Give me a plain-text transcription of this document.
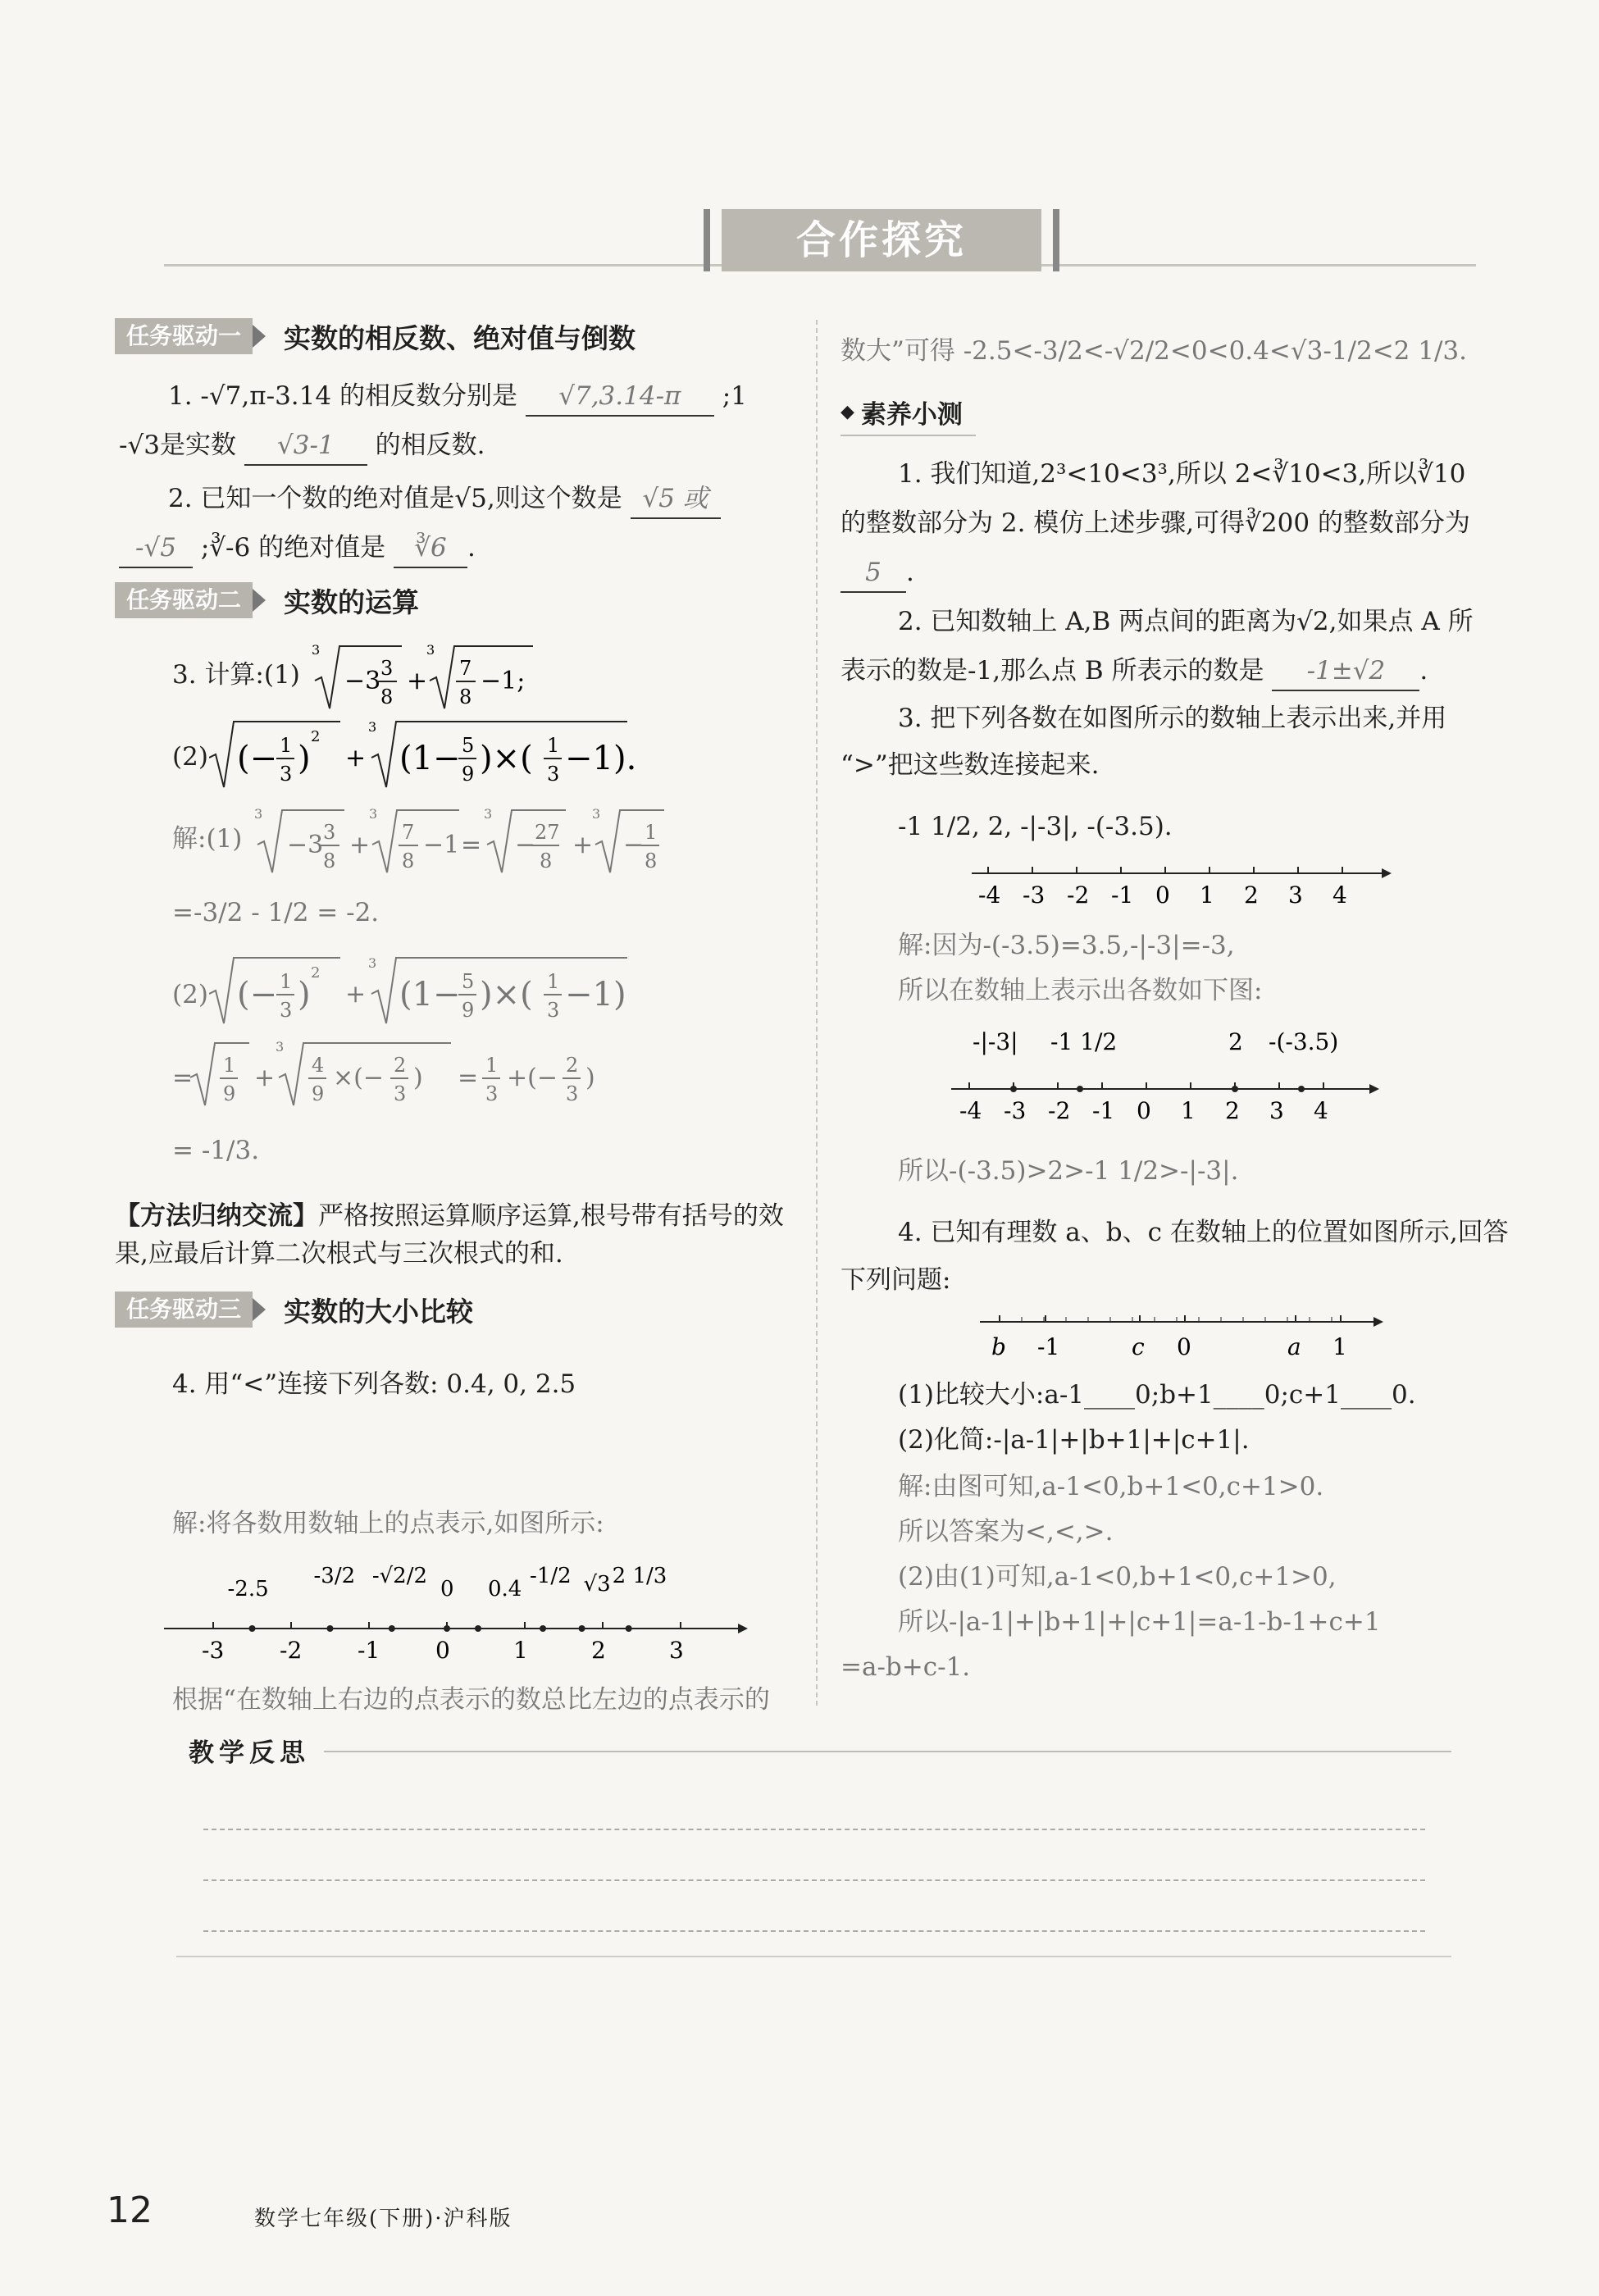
合作探究
任务驱动一	实数的相反数、绝对值与倒数
1. -√7,π-3.14 的相反数分别是 √7,3.14-π ;1
-√3是实数 √3-1 的相反数.
2. 已知一个数的绝对值是√5,则这个数是 √5 或
-√5 ;∛-6 的绝对值是 ∛6 .
任务驱动二	实数的运算
3. 计算:(1)
3
−3 3
8
+
3
7
8
−1;
(2) (− 1
3 )
2
+
3
(1− 5
9 )×( 1
3 −1).
解:(1)
3
−3 3
8
+
3
7
8
−1 =
3
−
27
8
+
3
− 1
8
=-3/2 - 1/2 = -2.
(2) (− 1
3 )
2
+
3
(1− 5
9 )×( 1
3 −1)
= 1
9
+
3
4
9
×(− 2
3
) = 1
3
+(− 2
3
)
= -1/3.
【方法归纳交流】严格按照运算顺序运算,根号带有括号的效果,应最后计算二次根式与三次根式的和.
任务驱动三	实数的大小比较
4. 用“<”连接下列各数: 0.4, 0, 2.5
解:将各数用数轴上的点表示,如图所示:
-3 -2 -1 0	1	2	3
-2.5
-3/2 -√2/2
0 0.4	√3
-1/2 2 1/3
根据“在数轴上右边的点表示的数总比左边的点表示的
数大”可得 -2.5<-3/2<-√2/2<0<0.4<√3-1/2<2 1/3.
◆ 素养小测
1. 我们知道,2³<10<3³,所以 2<∛10<3,所以∛10
的整数部分为 2. 模仿上述步骤,可得∛200 的整数部分为
5 .
2. 已知数轴上 A,B 两点间的距离为√2,如果点 A 所
表示的数是-1,那么点 B 所表示的数是 -1±√2 .
3. 把下列各数在如图所示的数轴上表示出来,并用
“>”把这些数连接起来.
-1 1/2, 2, -|-3|, -(-3.5).
-4 -3 -2 -1 0 1 2 3 4
解:因为-(-3.5)=3.5,-|-3|=-3,
所以在数轴上表示出各数如下图:
-4 -3 -2 -1 0 1 2 3 4
-|-3| -1 1/2	2 -(-3.5)
所以-(-3.5)>2>-1 1/2>-|-3|.
4. 已知有理数 a、b、c 在数轴上的位置如图所示,回答
下列问题:
b -1	c 0	a 1
(1)比较大小:a-1____0;b+1____0;c+1____0.
(2)化简:-|a-1|+|b+1|+|c+1|.
解:由图可知,a-1<0,b+1<0,c+1>0.
所以答案为<,<,>.
(2)由(1)可知,a-1<0,b+1<0,c+1>0,
所以-|a-1|+|b+1|+|c+1|=a-1-b-1+c+1
=a-b+c-1.
教学反思
12	数学七年级(下册)·沪科版
